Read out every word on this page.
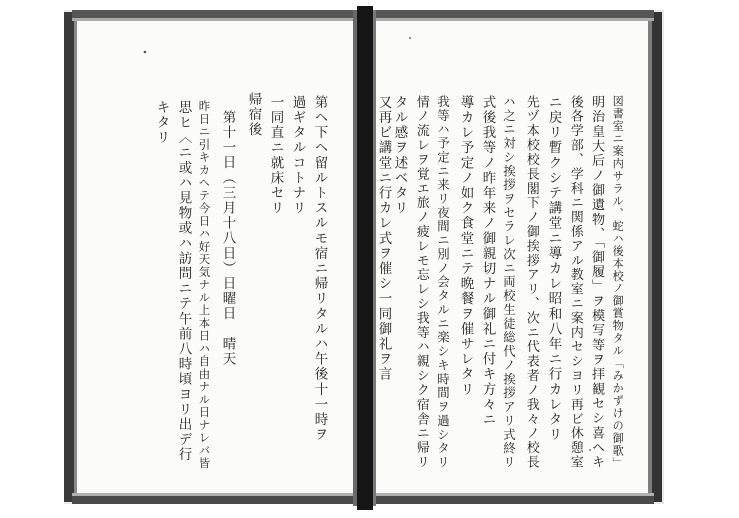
図書室ニ案内サラル、蛇ハ後本校ノ御賞物タル「みかずけの御歌」
明治皇大后ノ御遺物、「御履」ヲ模写等ヲ拝観セシ喜ヘキ
後各学部、学科ニ関係アル教室ニ案内セシヨリ再ビ休憩室
ニ戻リ暫クシテ講堂ニ導カレ昭和八年ニ行カレタリ
先ヅ本校校長閣下ノ御挨拶アリ、次ニ代表者ノ我々ノ校長
ハ之ニ対シ挨拶ヲセラレ次ニ両校生徒総代ノ挨拶アリ式終リ
式後我等ノ昨年来ノ御親切ナル御礼ニ付キ方々ニ
導カレ予定ノ如ク食堂ニテ晩餐ヲ催サレタリ
我等ハ予定ニ来リ夜間ニ別ノ会タルニ楽シキ時間ヲ過シタリ
情ノ流レヲ覚エ旅ノ疲レモ忘レシ我等ハ親シク宿舎ニ帰リ
タル感ヲ述ベタリ
又再ビ講堂ニ行カレ式ヲ催シ一同御礼ヲ言
第ヘ下ヘ留ルトスルモ宿ニ帰リタルハ午後十一時ヲ
過ギタルコトナリ
一同直ニ就床セリ
帰宿後
第十一日（三月十八日）日曜日　晴天
昨日ニ引キカヘテ今日ハ好天気ナル上本日ハ自由ナル日ナレバ皆
思ヒ〈ニ或ハ見物或ハ訪問ニテ午前八時頃ヨリ出デ行
キタリ
